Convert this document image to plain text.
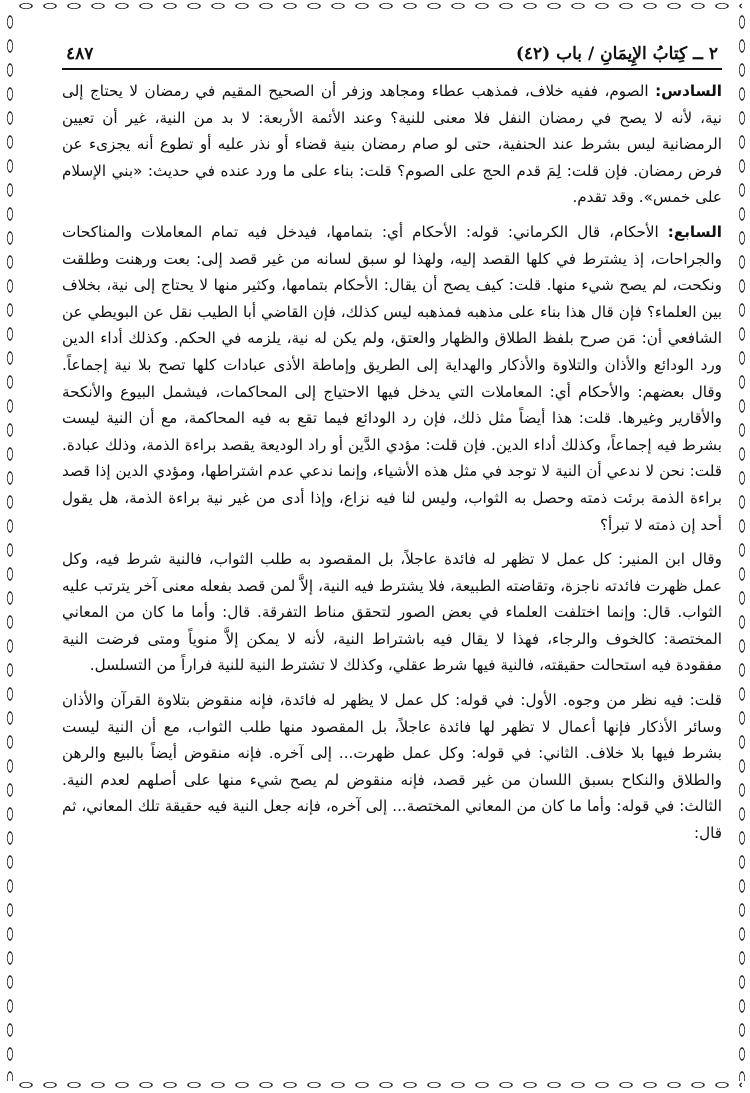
٢ ــ كِتابُ الإِيمَانِ / باب (٤٢)
٤٨٧

السادس: الصوم، ففيه خلاف، فمذهب عطاء ومجاهد وزفر أن الصحيح المقيم في رمضان لا يحتاج إلى نية، لأنه لا يصح في رمضان النفل فلا معنى للنية؟ وعند الأئمة الأربعة: لا بد من النية، غير أن تعيين الرمضانية ليس بشرط عند الحنفية، حتى لو صام رمضان بنية قضاء أو نذر عليه أو تطوع أنه يجزىء عن فرض رمضان. فإن قلت: لِمَ قدم الحج على الصوم؟ قلت: بناء على ما ورد عنده في حديث: «بني الإسلام على خمس». وقد تقدم.

السابع: الأحكام، قال الكرماني: قوله: الأحكام أي: بتمامها، فيدخل فيه تمام المعاملات والمناكحات والجراحات، إذ يشترط في كلها القصد إليه، ولهذا لو سبق لسانه من غير قصد إلى: بعت ورهنت وطلقت ونكحت، لم يصح شيء منها. قلت: كيف يصح أن يقال: الأحكام بتمامها، وكثير منها لا يحتاج إلى نية، بخلاف بين العلماء؟ فإن قال هذا بناء على مذهبه فمذهبه ليس كذلك، فإن القاضي أبا الطيب نقل عن البويطي عن الشافعي أن: مَن صرح بلفظ الطلاق والظهار والعتق، ولم يكن له نية، يلزمه في الحكم. وكذلك أداء الدين ورد الودائع والأذان والتلاوة والأذكار والهداية إلى الطريق وإماطة الأذى عبادات كلها تصح بلا نية إجماعاً. وقال بعضهم: والأحكام أي: المعاملات التي يدخل فيها الاحتياج إلى المحاكمات، فيشمل البيوع والأنكحة والأقارير وغيرها. قلت: هذا أيضاً مثل ذلك، فإن رد الودائع فيما تقع به فيه المحاكمة، مع أن النية ليست بشرط فيه إجماعاً، وكذلك أداء الدين. فإن قلت: مؤدي الدَّين أو راد الوديعة يقصد براءة الذمة، وذلك عبادة. قلت: نحن لا ندعي أن النية لا توجد في مثل هذه الأشياء، وإنما ندعي عدم اشتراطها، ومؤدي الدين إذا قصد براءة الذمة برئت ذمته وحصل به الثواب، وليس لنا فيه نزاع، وإذا أدى من غير نية براءة الذمة، هل يقول أحد إن ذمته لا تبرأ؟

وقال ابن المنير: كل عمل لا تظهر له فائدة عاجلاً، بل المقصود به طلب الثواب، فالنية شرط فيه، وكل عمل ظهرت فائدته ناجزة، وتقاضته الطبيعة، فلا يشترط فيه النية، إلاَّ لمن قصد بفعله معنى آخر يترتب عليه الثواب. قال: وإنما اختلفت العلماء في بعض الصور لتحقق مناط التفرقة. قال: وأما ما كان من المعاني المختصة: كالخوف والرجاء، فهذا لا يقال فيه باشتراط النية، لأنه لا يمكن إلاَّ منوياً ومتى فرضت النية مفقودة فيه استحالت حقيقته، فالنية فيها شرط عقلي، وكذلك لا تشترط النية للنية فراراً من التسلسل.

قلت: فيه نظر من وجوه. الأول: في قوله: كل عمل لا يظهر له فائدة، فإنه منقوض بتلاوة القرآن والأذان وسائر الأذكار فإنها أعمال لا تظهر لها فائدة عاجلاً، بل المقصود منها طلب الثواب، مع أن النية ليست بشرط فيها بلا خلاف. الثاني: في قوله: وكل عمل ظهرت... إلى آخره. فإنه منقوض أيضاً بالبيع والرهن والطلاق والنكاح بسبق اللسان من غير قصد، فإنه منقوض لم يصح شيء منها على أصلهم لعدم النية. الثالث: في قوله: وأما ما كان من المعاني المختصة... إلى آخره، فإنه جعل النية فيه حقيقة تلك المعاني، ثم قال:
